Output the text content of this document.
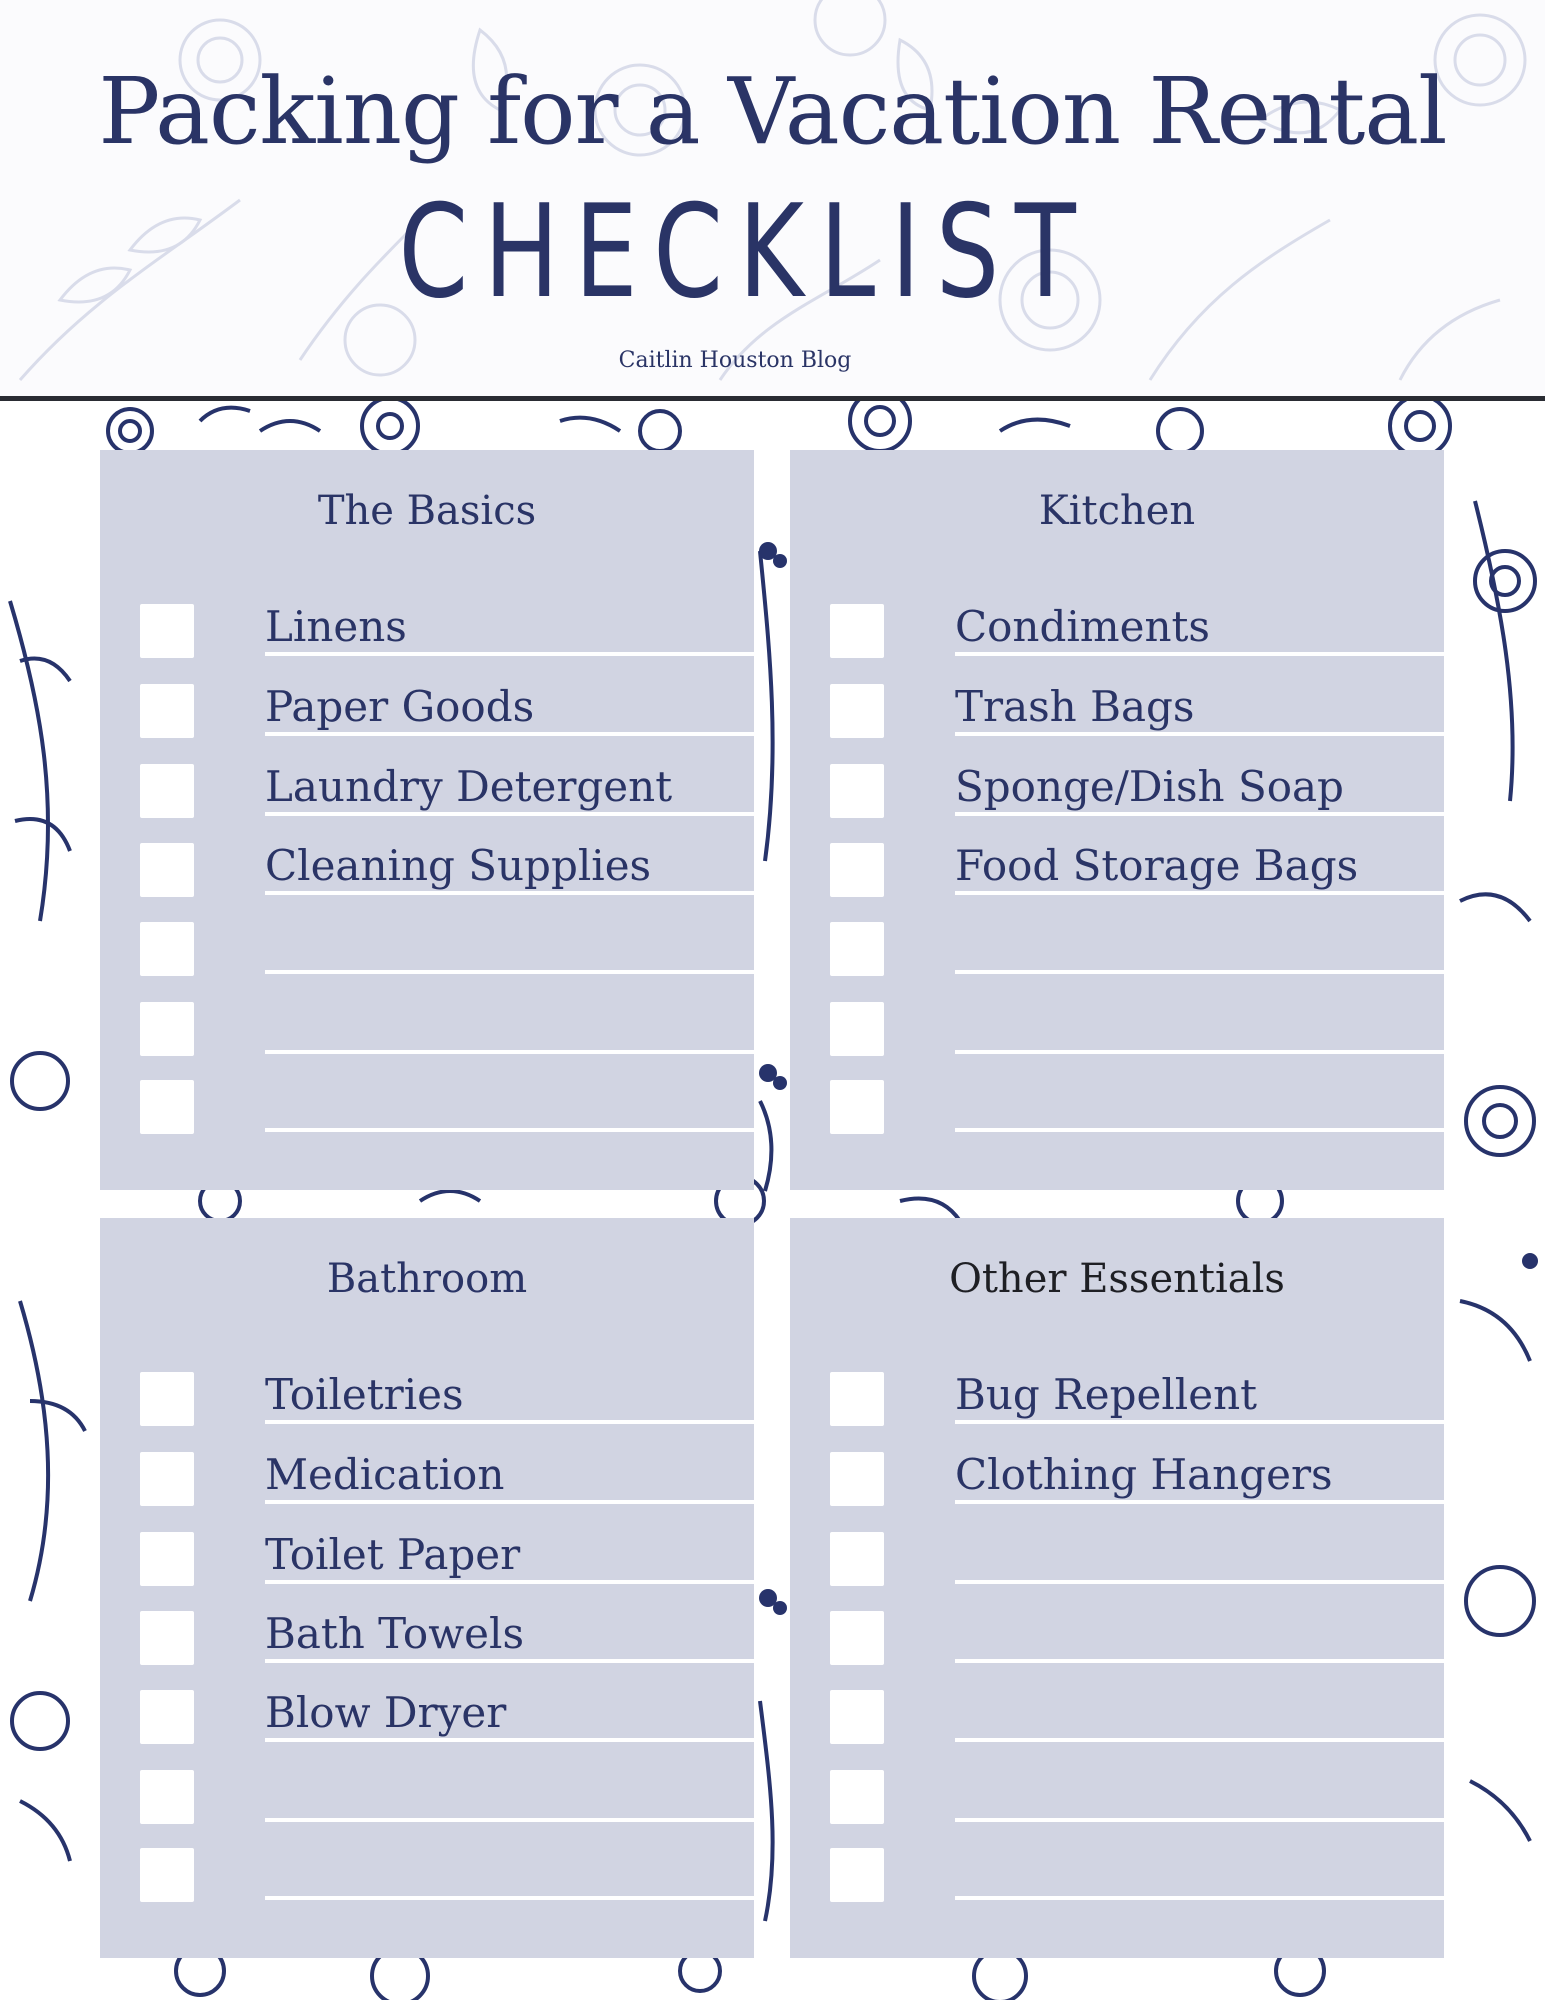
Packing for a Vacation Rental
CHECKLIST
Caitlin Houston Blog
The Basics
Linens
Paper Goods
Laundry Detergent
Cleaning Supplies
Kitchen
Condiments
Trash Bags
Sponge/Dish Soap
Food Storage Bags
Bathroom
Toiletries
Medication
Toilet Paper
Bath Towels
Blow Dryer
Other Essentials
Bug Repellent
Clothing Hangers
